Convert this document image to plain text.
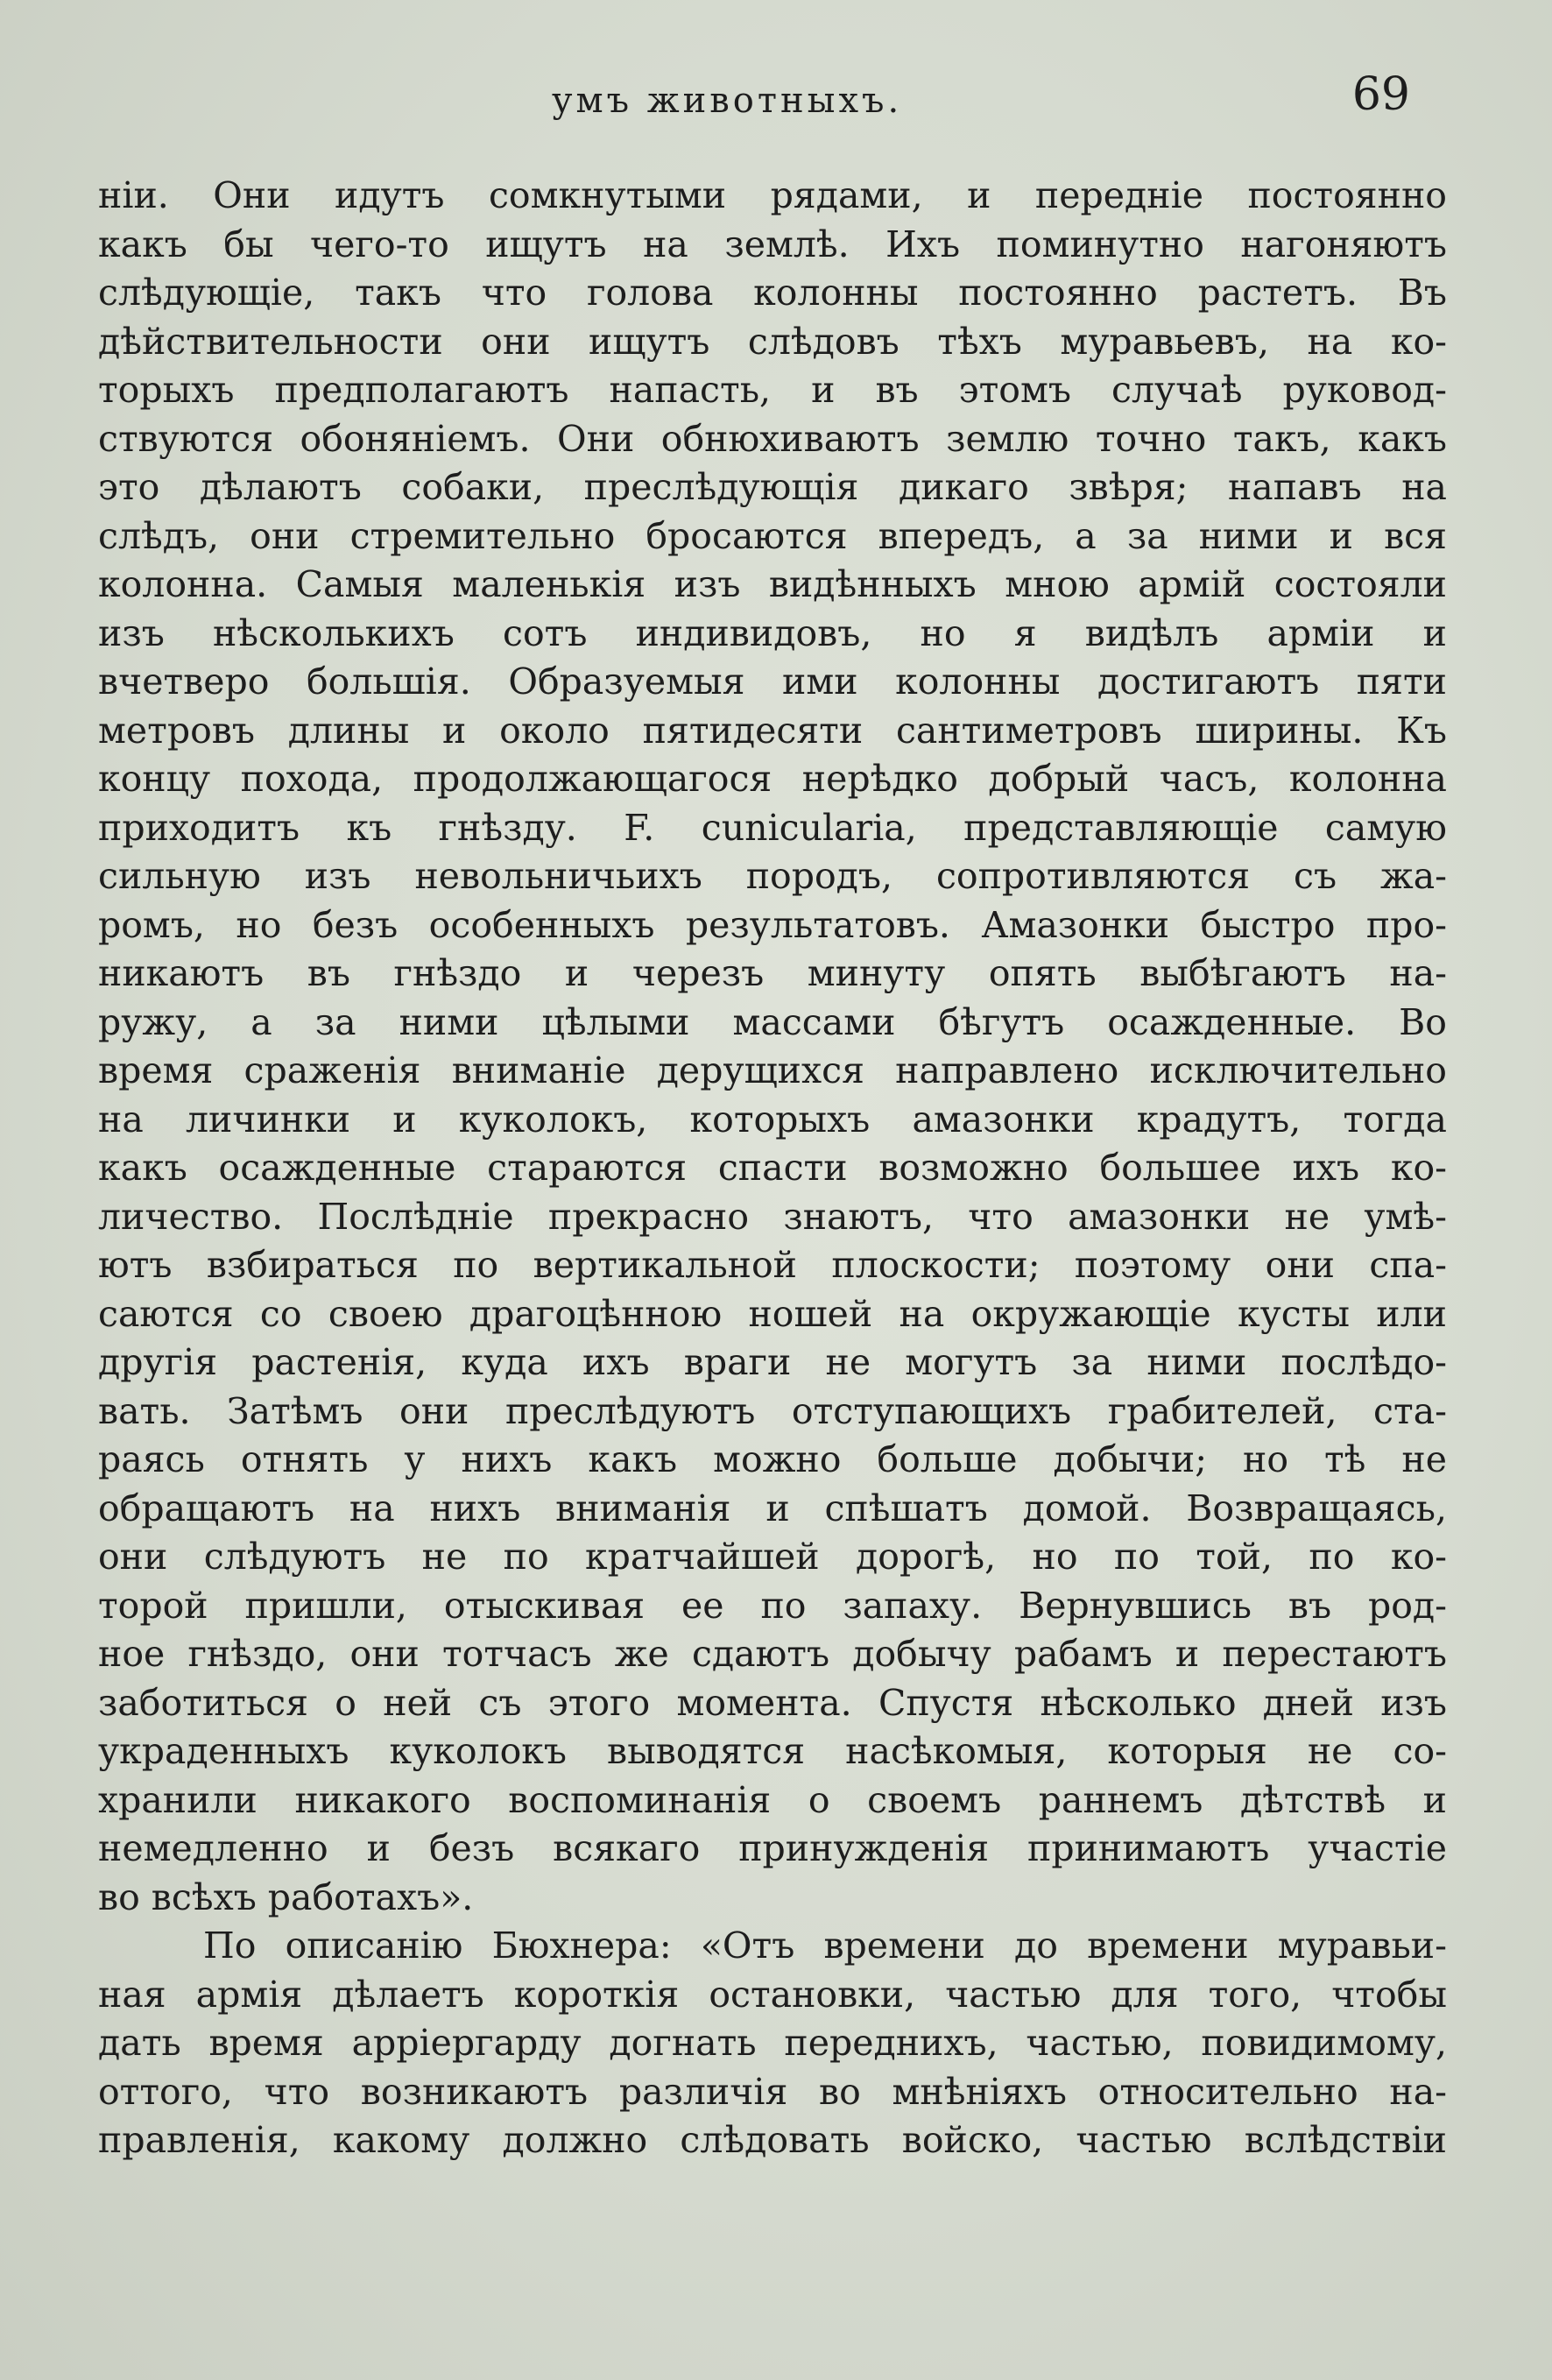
умъ животныхъ.	69
ніи. Они идутъ сомкнутыми рядами, и передніе постоянно
какъ бы чего-то ищутъ на землѣ. Ихъ поминутно нагоняютъ
слѣдующіе, такъ что голова колонны постоянно растетъ. Въ
дѣйствительности они ищутъ слѣдовъ тѣхъ муравьевъ, на ко-
торыхъ предполагаютъ напасть, и въ этомъ случаѣ руковод-
ствуются обоняніемъ. Они обнюхиваютъ землю точно такъ, какъ
это дѣлаютъ собаки, преслѣдующія дикаго звѣря; напавъ на
слѣдъ, они стремительно бросаются впередъ, а за ними и вся
колонна. Самыя маленькія изъ видѣнныхъ мною армій состояли
изъ нѣсколькихъ сотъ индивидовъ, но я видѣлъ арміи и
вчетверо большія. Образуемыя ими колонны достигаютъ пяти
метровъ длины и около пятидесяти сантиметровъ ширины. Къ
концу похода, продолжающагося нерѣдко добрый часъ, колонна
приходитъ къ гнѣзду. F. cunicularia, представляющіе самую
сильную изъ невольничьихъ породъ, сопротивляются съ жа-
ромъ, но безъ особенныхъ результатовъ. Амазонки быстро про-
никаютъ въ гнѣздо и черезъ минуту опять выбѣгаютъ на-
ружу, а за ними цѣлыми массами бѣгутъ осажденные. Во
время сраженія вниманіе дерущихся направлено исключительно
на личинки и куколокъ, которыхъ амазонки крадутъ, тогда
какъ осажденные стараются спасти возможно большее ихъ ко-
личество. Послѣдніе прекрасно знаютъ, что амазонки не умѣ-
ютъ взбираться по вертикальной плоскости; поэтому они спа-
саются со своею драгоцѣнною ношей на окружающіе кусты или
другія растенія, куда ихъ враги не могутъ за ними послѣдо-
вать. Затѣмъ они преслѣдуютъ отступающихъ грабителей, ста-
раясь отнять у нихъ какъ можно больше добычи; но тѣ не
обращаютъ на нихъ вниманія и спѣшатъ домой. Возвращаясь,
они слѣдуютъ не по кратчайшей дорогѣ, но по той, по ко-
торой пришли, отыскивая ее по запаху. Вернувшись въ род-
ное гнѣздо, они тотчасъ же сдаютъ добычу рабамъ и перестаютъ
заботиться о ней съ этого момента. Спустя нѣсколько дней изъ
украденныхъ куколокъ выводятся насѣкомыя, которыя не со-
хранили никакого воспоминанія о своемъ раннемъ дѣтствѣ и
немедленно и безъ всякаго принужденія принимаютъ участіе
во всѣхъ работахъ».
По описанію Бюхнера: «Отъ времени до времени муравьи-
ная армія дѣлаетъ короткія остановки, частью для того, чтобы
дать время арріергарду догнать переднихъ, частью, повидимому,
оттого, что возникаютъ различія во мнѣніяхъ относительно на-
правленія, какому должно слѣдовать войско, частью вслѣдствіи
